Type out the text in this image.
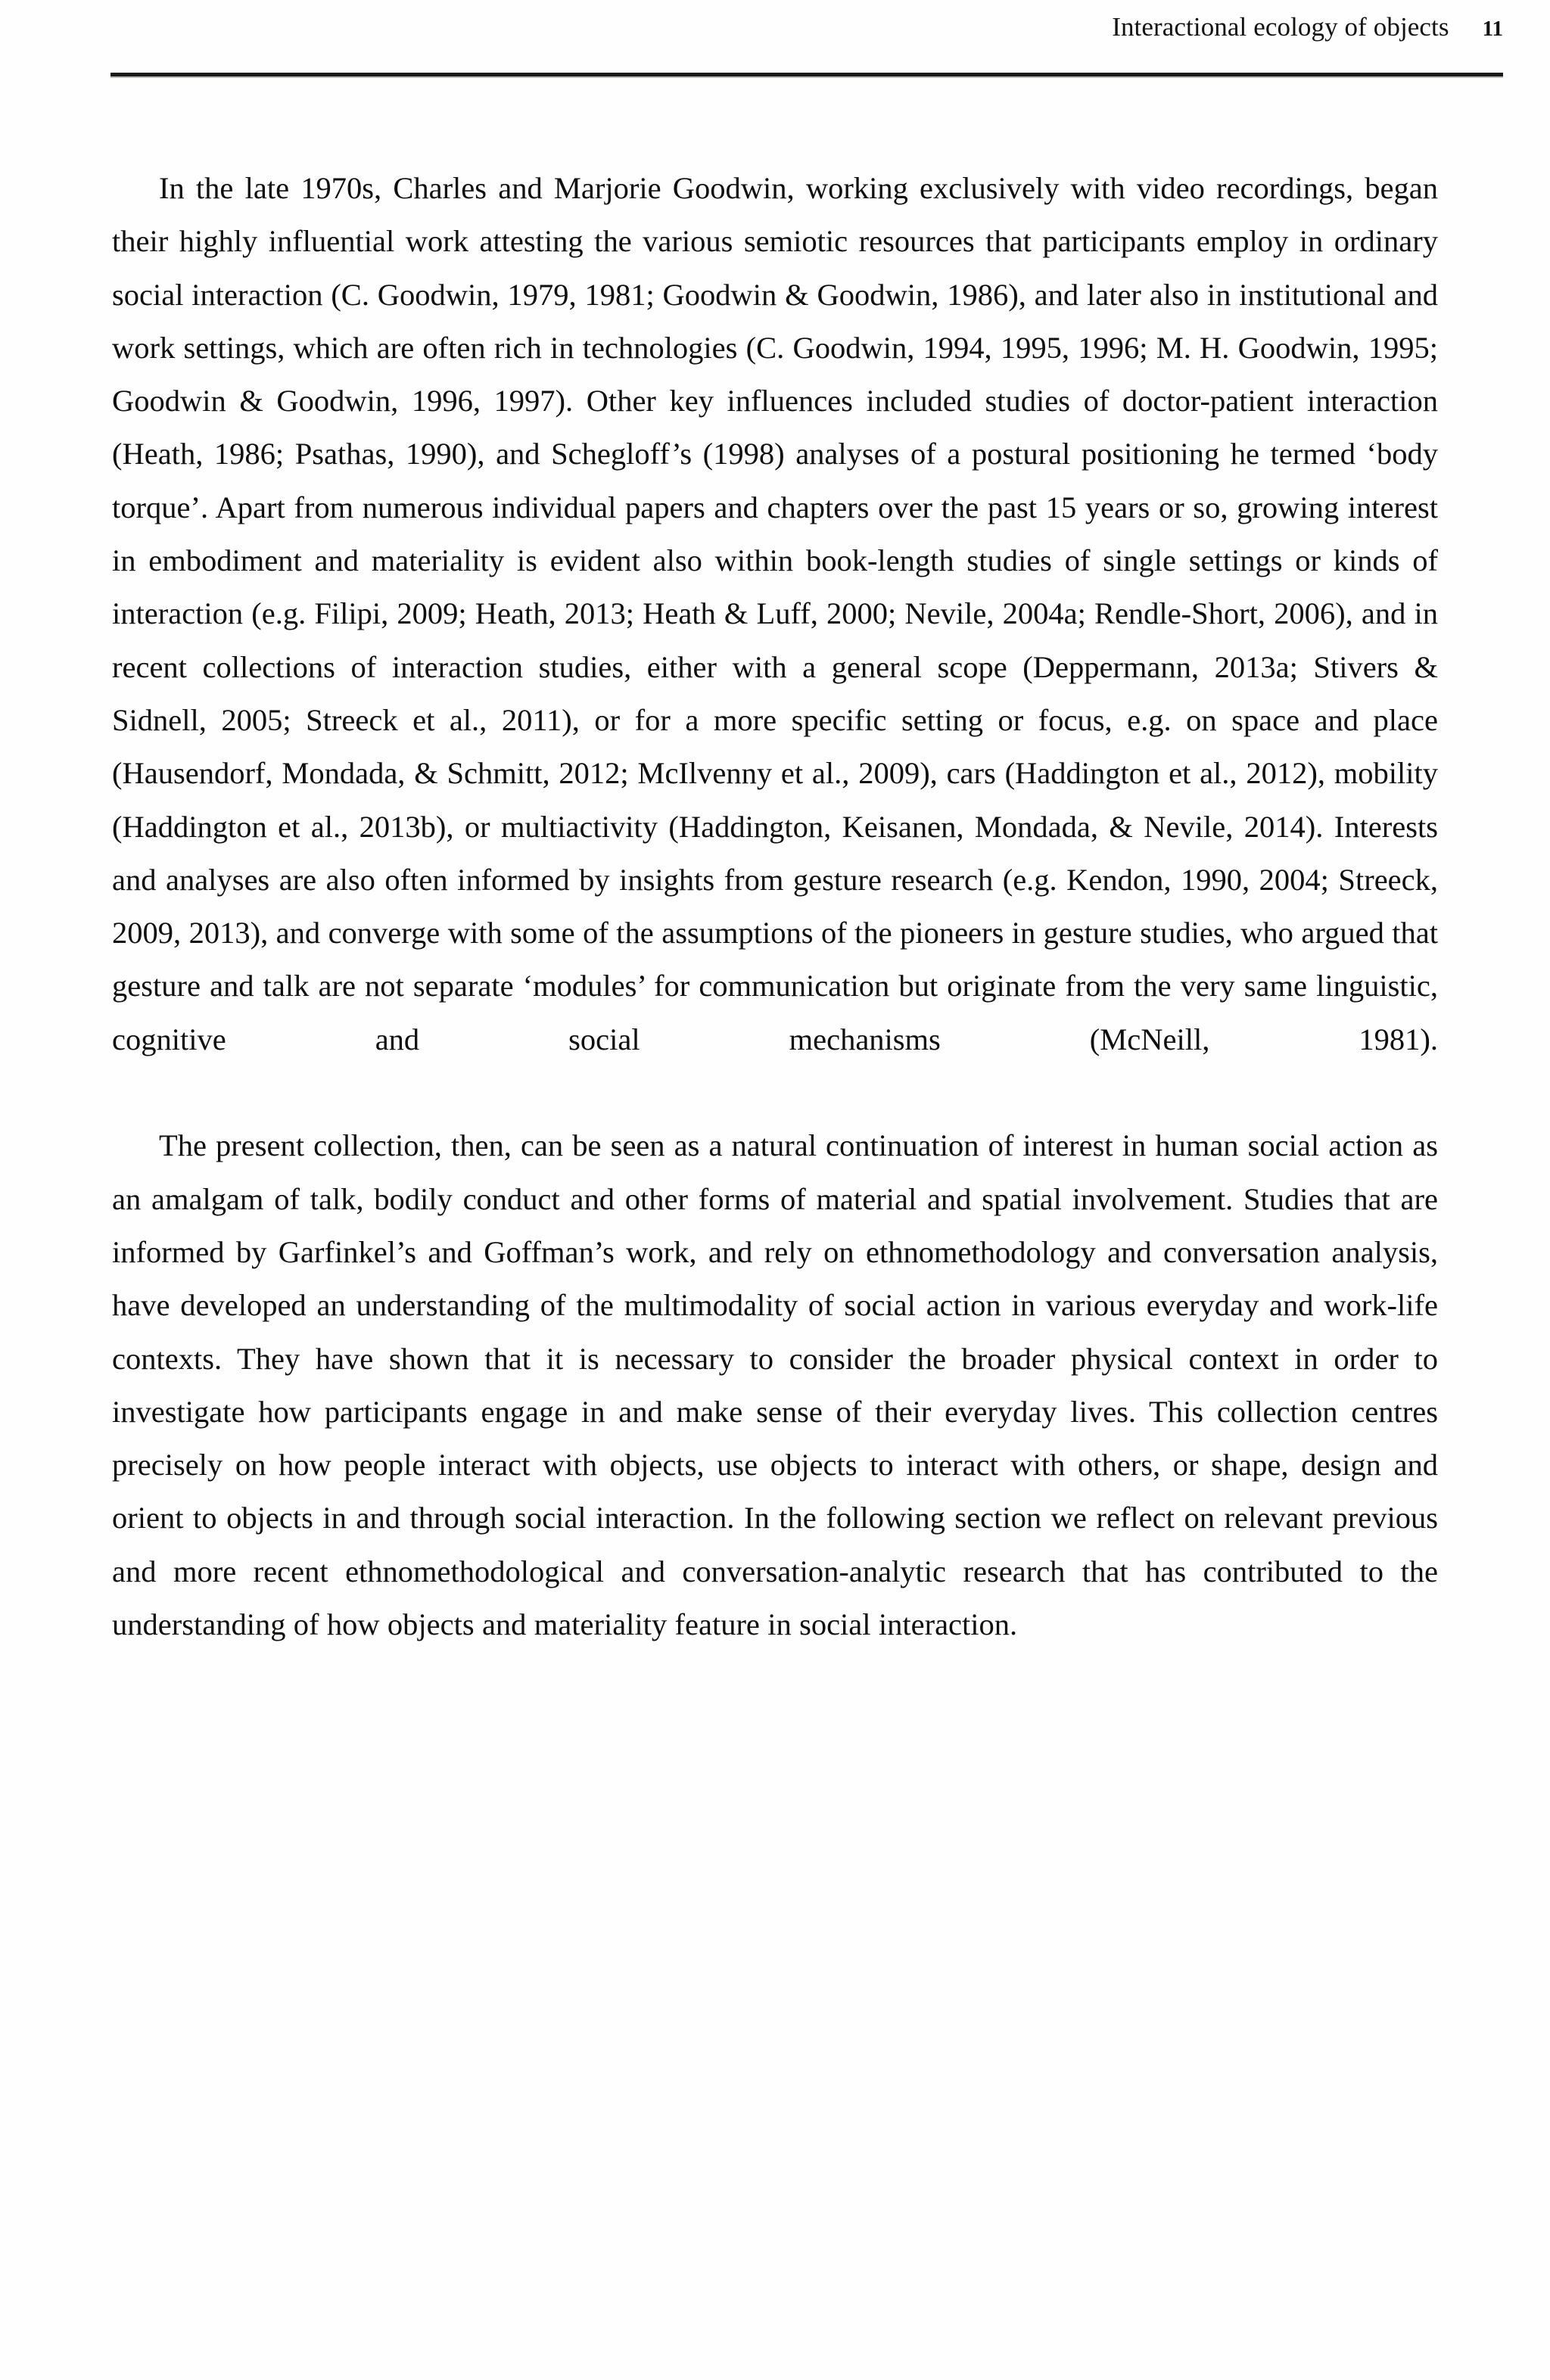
Interactional ecology of objects 11

In the late 1970s, Charles and Marjorie Goodwin, working exclusively with video recordings, began their highly influential work attesting the various semiotic resources that participants employ in ordinary social interaction (C. Goodwin, 1979, 1981; Goodwin & Goodwin, 1986), and later also in institutional and work settings, which are often rich in technologies (C. Goodwin, 1994, 1995, 1996; M. H. Goodwin, 1995; Goodwin & Goodwin, 1996, 1997). Other key influences included studies of doctor-patient interaction (Heath, 1986; Psathas, 1990), and Schegloff’s (1998) analyses of a postural positioning he termed ‘body torque’. Apart from numerous individual papers and chapters over the past 15 years or so, growing interest in embodiment and materiality is evident also within book-length studies of single settings or kinds of interaction (e.g. Filipi, 2009; Heath, 2013; Heath & Luff, 2000; Nevile, 2004a; Rendle-Short, 2006), and in recent collections of interaction studies, either with a general scope (Deppermann, 2013a; Stivers & Sidnell, 2005; Streeck et al., 2011), or for a more specific setting or focus, e.g. on space and place (Hausendorf, Mondada, & Schmitt, 2012; McIlvenny et al., 2009), cars (Haddington et al., 2012), mobility (Haddington et al., 2013b), or multiactivity (Haddington, Keisanen, Mondada, & Nevile, 2014). Interests and analyses are also often informed by insights from gesture research (e.g. Kendon, 1990, 2004; Streeck, 2009, 2013), and converge with some of the assumptions of the pioneers in gesture studies, who argued that gesture and talk are not separate ‘modules’ for communication but originate from the very same linguistic, cognitive and social mechanisms (McNeill, 1981).

The present collection, then, can be seen as a natural continuation of interest in human social action as an amalgam of talk, bodily conduct and other forms of material and spatial involvement. Studies that are informed by Garfinkel’s and Goffman’s work, and rely on ethnomethodology and conversation analysis, have developed an understanding of the multimodality of social action in various everyday and work-life contexts. They have shown that it is necessary to consider the broader physical context in order to investigate how participants engage in and make sense of their everyday lives. This collection centres precisely on how people interact with objects, use objects to interact with others, or shape, design and orient to objects in and through social interaction. In the following section we reflect on relevant previous and more recent ethnomethodological and conversation-analytic research that has contributed to the understanding of how objects and materiality feature in social interaction.
